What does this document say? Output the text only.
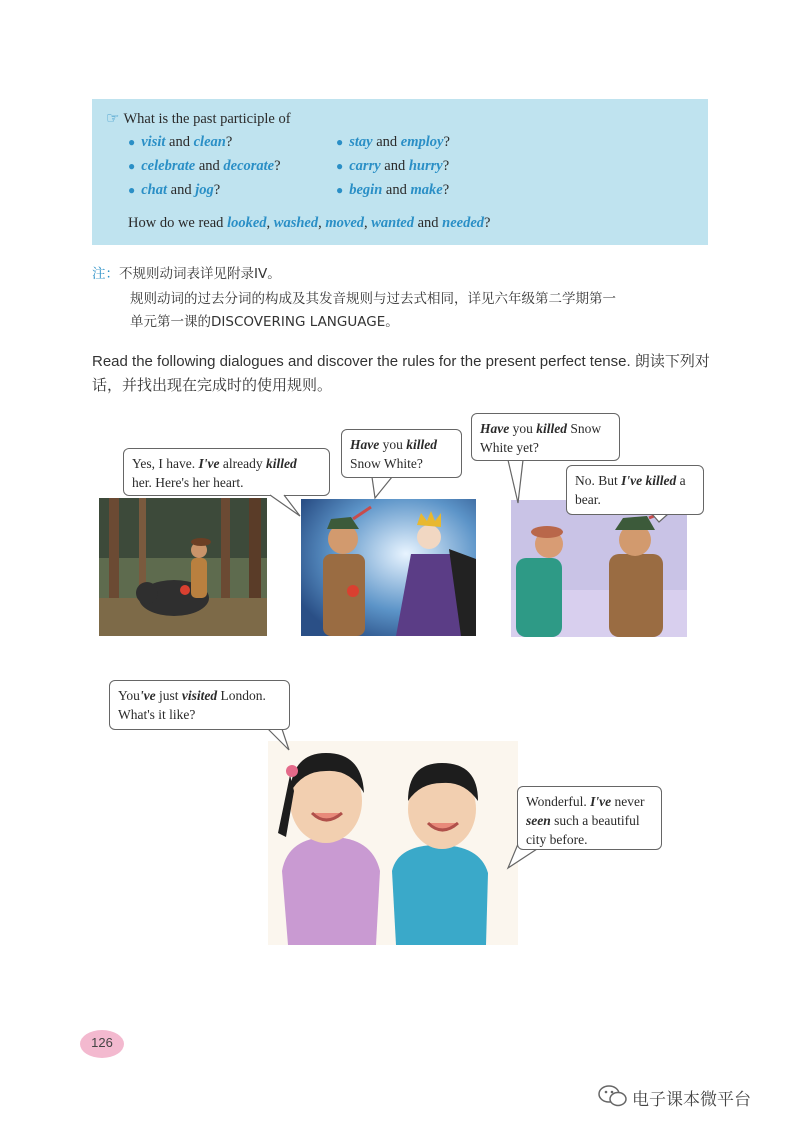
☞ What is the past participle of
● visit and clean?
● celebrate and decorate?
● chat and jog?
● stay and employ?
● carry and hurry?
● begin and make?
How do we read looked, washed, moved, wanted and needed?
注：不规则动词表详见附录IV。
规则动词的过去分词的构成及其发音规则与过去式相同，详见六年级第二学期第一
单元第一课的DISCOVERING LANGUAGE。
Read the following dialogues and discover the rules for the present perfect tense. 朗读下列对
话，并找出现在完成时的使用规则。
Yes, I have. I've already killed
her. Here's her heart.
Have you killed
Snow White?
Have you killed Snow
White yet?
No. But I've killed a
bear.
You've just visited London.
What's it like?
Wonderful. I've never
seen such a beautiful
city before.
126
电子课本微平台
